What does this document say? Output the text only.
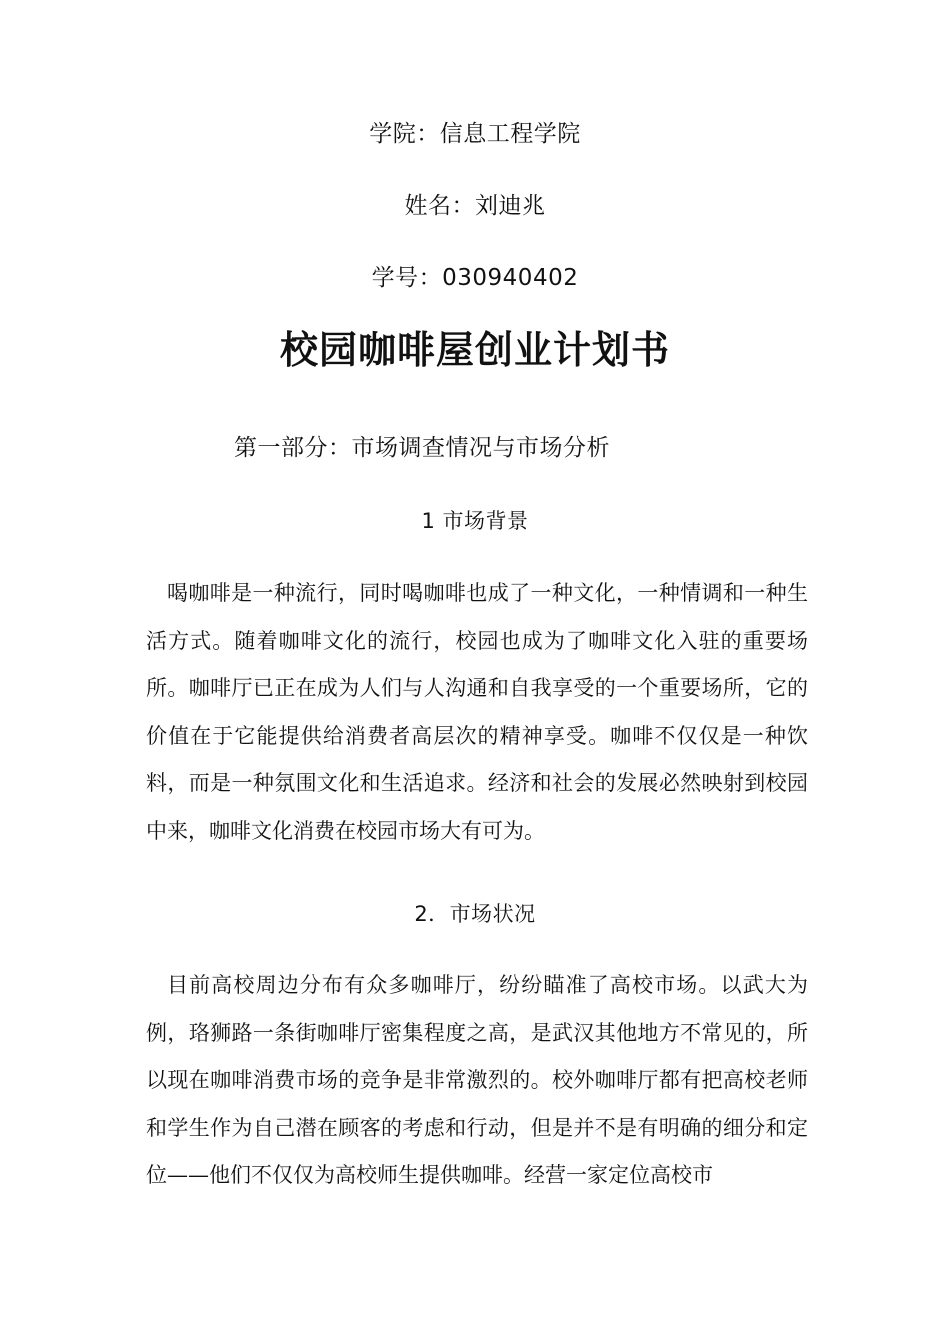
学院：信息工程学院
姓名：刘迪兆
学号：030940402
校园咖啡屋创业计划书
第一部分：市场调查情况与市场分析
1 市场背景

喝咖啡是一种流行，同时喝咖啡也成了一种文化，一种情调和一种生活方式。随着咖啡文化的流行，校园也成为了咖啡文化入驻的重要场所。咖啡厅已正在成为人们与人沟通和自我享受的一个重要场所，它的价值在于它能提供给消费者高层次的精神享受。咖啡不仅仅是一种饮料，而是一种氛围文化和生活追求。经济和社会的发展必然映射到校园中来，咖啡文化消费在校园市场大有可为。

2．市场状况

目前高校周边分布有众多咖啡厅，纷纷瞄准了高校市场。以武大为例，珞狮路一条街咖啡厅密集程度之高，是武汉其他地方不常见的，所以现在咖啡消费市场的竞争是非常激烈的。校外咖啡厅都有把高校老师和学生作为自己潜在顾客的考虑和行动，但是并不是有明确的细分和定位——他们不仅仅为高校师生提供咖啡。经营一家定位高校市
